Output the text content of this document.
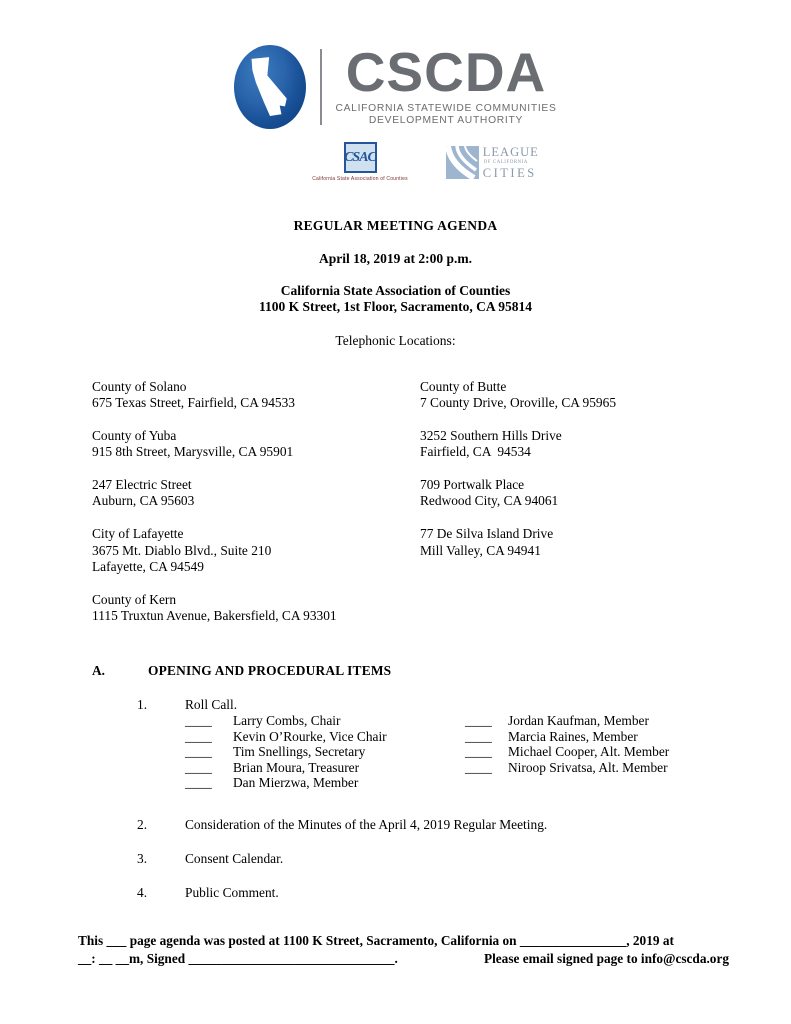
CSCDA
CALIFORNIA STATEWIDE COMMUNITIES
DEVELOPMENT AUTHORITY
CSAC
California State Association of Counties
LEAGUE
OF CALIFORNIA
CITIES
REGULAR MEETING AGENDA
April 18, 2019 at 2:00 p.m.
California State Association of Counties
1100 K Street, 1st Floor, Sacramento, CA 95814
Telephonic Locations:
County of Solano
675 Texas Street, Fairfield, CA 94533
County of Yuba
915 8th Street, Marysville, CA 95901
247 Electric Street
Auburn, CA 95603
City of Lafayette
3675 Mt. Diablo Blvd., Suite 210
Lafayette, CA 94549
County of Kern
1115 Truxtun Avenue, Bakersfield, CA 93301
County of Butte
7 County Drive, Oroville, CA 95965
3252 Southern Hills Drive
Fairfield, CA  94534
709 Portwalk Place
Redwood City, CA 94061
77 De Silva Island Drive
Mill Valley, CA 94941
A.	OPENING AND PROCEDURAL ITEMS
1.	Roll Call.
____	Larry Combs, Chair	____	Jordan Kaufman, Member
____	Kevin O’Rourke, Vice Chair	____	Marcia Raines, Member
____	Tim Snellings, Secretary	____	Michael Cooper, Alt. Member
____	Brian Moura, Treasurer	____	Niroop Srivatsa, Alt. Member
____	Dan Mierzwa, Member
2.	Consideration of the Minutes of the April 4, 2019 Regular Meeting.
3.	Consent Calendar.
4.	Public Comment.
This ___ page agenda was posted at 1100 K Street, Sacramento, California on ________________, 2019 at
__: __ __m, Signed _______________________________.	Please email signed page to info@cscda.org
